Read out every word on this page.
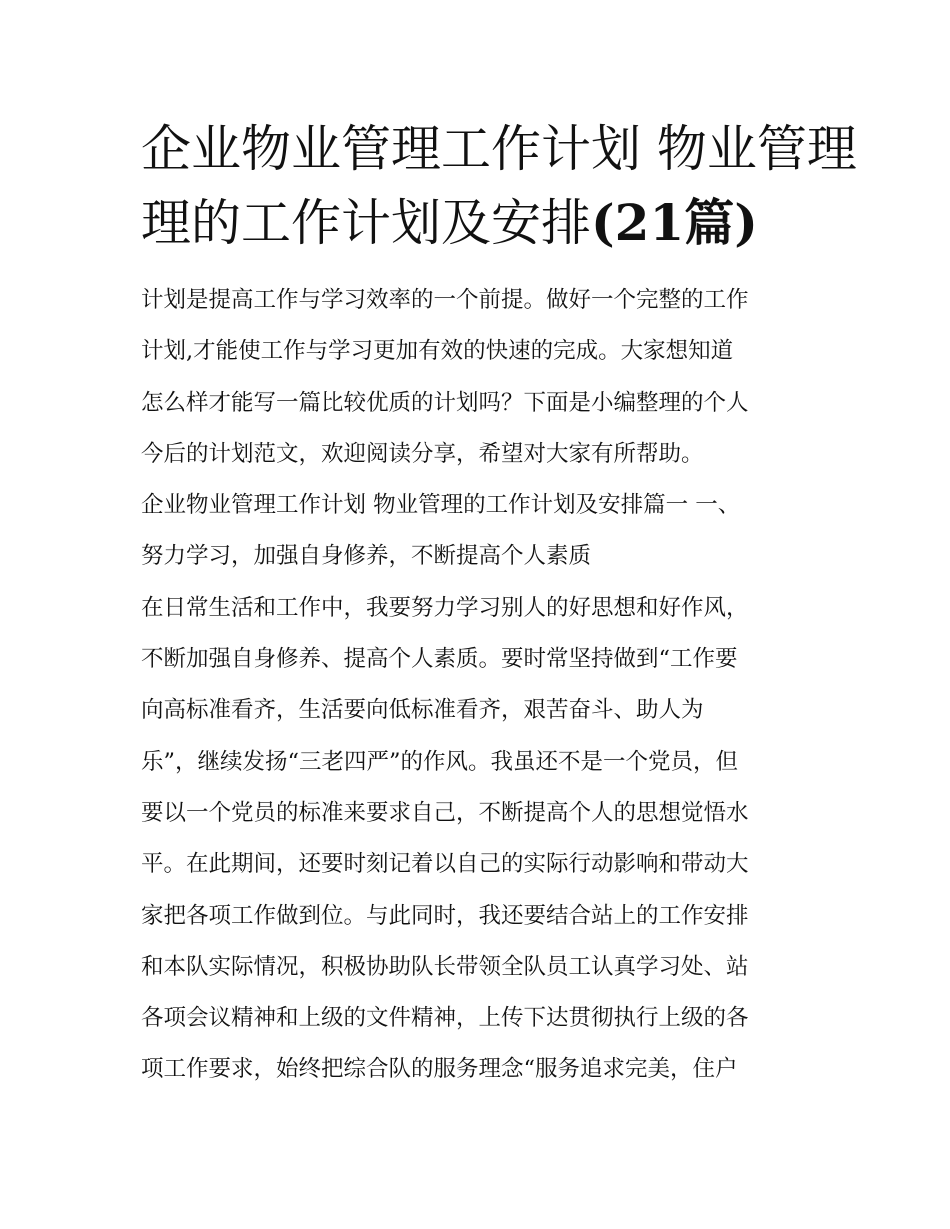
企业物业管理工作计划 物业管理
理的工作计划及安排(21篇)
计划是提高工作与学习效率的一个前提。做好一个完整的工作
计划,才能使工作与学习更加有效的快速的完成。大家想知道
怎么样才能写一篇比较优质的计划吗？下面是小编整理的个人
今后的计划范文，欢迎阅读分享，希望对大家有所帮助。
企业物业管理工作计划 物业管理的工作计划及安排篇一 一、
努力学习，加强自身修养，不断提高个人素质
在日常生活和工作中，我要努力学习别人的好思想和好作风，
不断加强自身修养、提高个人素质。要时常坚持做到“工作要
向高标准看齐，生活要向低标准看齐，艰苦奋斗、助人为
乐”，继续发扬“三老四严”的作风。我虽还不是一个党员，但
要以一个党员的标准来要求自己，不断提高个人的思想觉悟水
平。在此期间，还要时刻记着以自己的实际行动影响和带动大
家把各项工作做到位。与此同时，我还要结合站上的工作安排
和本队实际情况，积极协助队长带领全队员工认真学习处、站
各项会议精神和上级的文件精神，上传下达贯彻执行上级的各
项工作要求，始终把综合队的服务理念“服务追求完美，住户
